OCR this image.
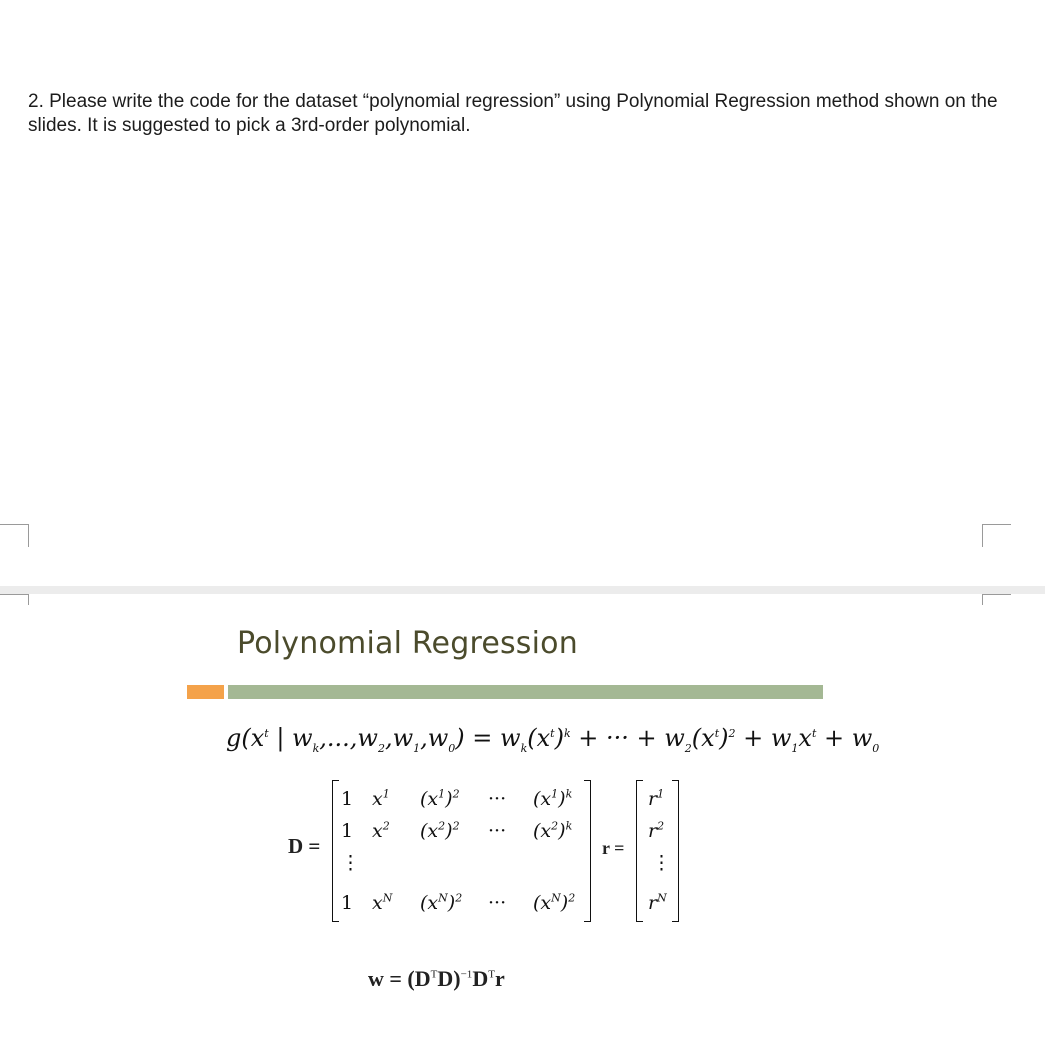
2. Please write the code for the dataset “polynomial regression” using Polynomial Regression method shown on the slides. It is suggested to pick a 3rd-order polynomial.
Polynomial Regression
$g(x^t$ | $w_k,...,w_2,w_1,w_0) = w_k(x^t)^k$ + ··· + $w_2(x^t)^2 + w_1x^t + w_0$
D =
1 $x^1$ $(x^1)^2$ ··· $(x^1)^k$
1 $x^2$ $(x^2)^2$ ··· $(x^2)^k$
⋮
1 $x^N$ $(x^N)^2$ ··· $(x^N)^2$
r =
$r^1$
$r^2$
⋮
$r^N$
$w = (D^TD)^{-1}D^Tr$
